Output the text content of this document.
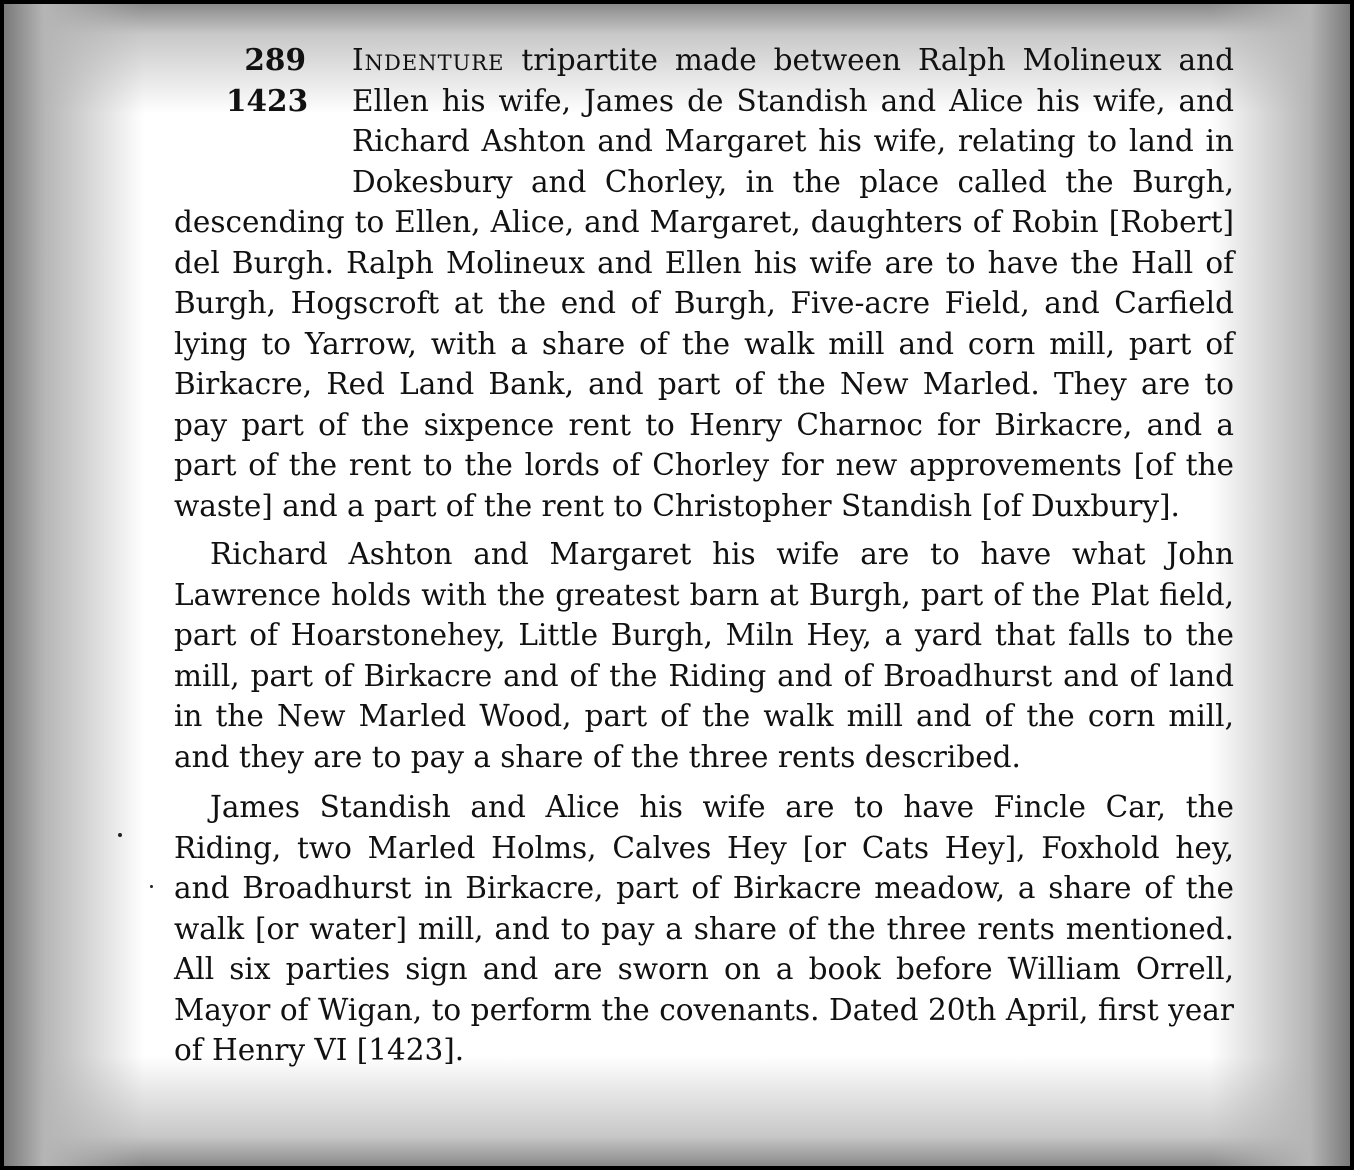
289
1423

Indenture tripartite made between Ralph Molineux and Ellen his wife, James de Standish and Alice his wife, and Richard Ashton and Margaret his wife, relating to land in Dokesbury and Chorley, in the place called the Burgh, descending to Ellen, Alice, and Margaret, daughters of Robin [Robert] del Burgh. Ralph Molineux and Ellen his wife are to have the Hall of Burgh, Hogscroft at the end of Burgh, Five-acre Field, and Carfield lying to Yarrow, with a share of the walk mill and corn mill, part of Birkacre, Red Land Bank, and part of the New Marled. They are to pay part of the sixpence rent to Henry Charnoc for Birkacre, and a part of the rent to the lords of Chorley for new approvements [of the waste] and a part of the rent to Christopher Standish [of Duxbury].

Richard Ashton and Margaret his wife are to have what John Lawrence holds with the greatest barn at Burgh, part of the Plat field, part of Hoarstonehey, Little Burgh, Miln Hey, a yard that falls to the mill, part of Birkacre and of the Riding and of Broadhurst and of land in the New Marled Wood, part of the walk mill and of the corn mill, and they are to pay a share of the three rents described.

James Standish and Alice his wife are to have Fincle Car, the Riding, two Marled Holms, Calves Hey [or Cats Hey], Foxhold hey, and Broadhurst in Birkacre, part of Birkacre meadow, a share of the walk [or water] mill, and to pay a share of the three rents mentioned. All six parties sign and are sworn on a book before William Orrell, Mayor of Wigan, to perform the covenants. Dated 20th April, first year of Henry VI [1423].
